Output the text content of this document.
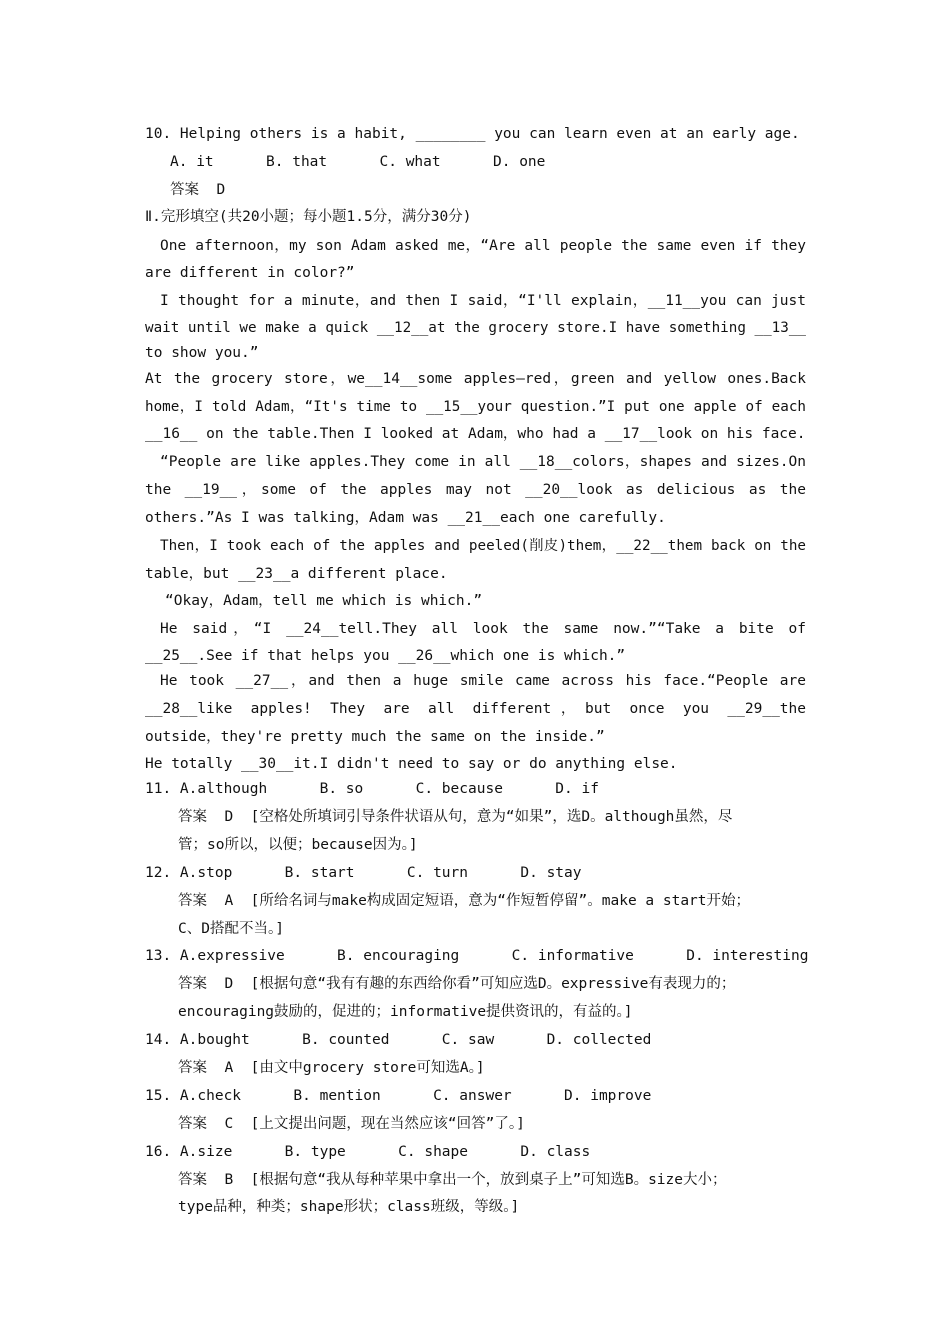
10. Helping others is a habit, ________ you can learn even at an early age.
A. it      B. that      C. what      D. one
答案  D
Ⅱ.完形填空(共20小题；每小题1.5分，满分30分)
One afternoon，my son Adam asked me，“Are all people the same even if they
are different in color?”
I thought for a minute，and then I said，“I'll explain，__11__you can just
wait until we make a quick __12__at the grocery store.I have something __13__
to show you.”
At the grocery store，we__14__some apples—red，green and yellow ones.Back
home，I told Adam，“It's time to __15__your question.”I put one apple of each
__16__ on the table.Then I looked at Adam，who had a __17__look on his face.
“People are like apples.They come in all __18__colors，shapes and sizes.On
the __19__，some of the apples may not __20__look as delicious as the
others.”As I was talking，Adam was __21__each one carefully.
Then，I took each of the apples and peeled(削皮)them，__22__them back on the
table，but __23__a different place.
“Okay，Adam，tell me which is which.”
He said，“I __24__tell.They all look the same now.”“Take a bite of
__25__.See if that helps you __26__which one is which.”
He took __27__，and then a huge smile came across his face.“People are
__28__like apples! They are all different，but once you __29__the
outside，they're pretty much the same on the inside.”
He totally __30__it.I didn't need to say or do anything else.
11. A.although      B. so      C. because      D. if
答案  D  [空格处所填词引导条件状语从句，意为“如果”，选D。although虽然，尽
管；so所以，以便；because因为。]
12. A.stop      B. start      C. turn      D. stay
答案  A  [所给名词与make构成固定短语，意为“作短暂停留”。make a start开始；
C、D搭配不当。]
13. A.expressive      B. encouraging      C. informative      D. interesting
答案  D  [根据句意“我有有趣的东西给你看”可知应选D。expressive有表现力的；
encouraging鼓励的，促进的；informative提供资讯的，有益的。]
14. A.bought      B. counted      C. saw      D. collected
答案  A  [由文中grocery store可知选A。]
15. A.check      B. mention      C. answer      D. improve
答案  C  [上文提出问题，现在当然应该“回答”了。]
16. A.size      B. type      C. shape      D. class
答案  B  [根据句意“我从每种苹果中拿出一个，放到桌子上”可知选B。size大小；
type品种，种类；shape形状；class班级，等级。]
